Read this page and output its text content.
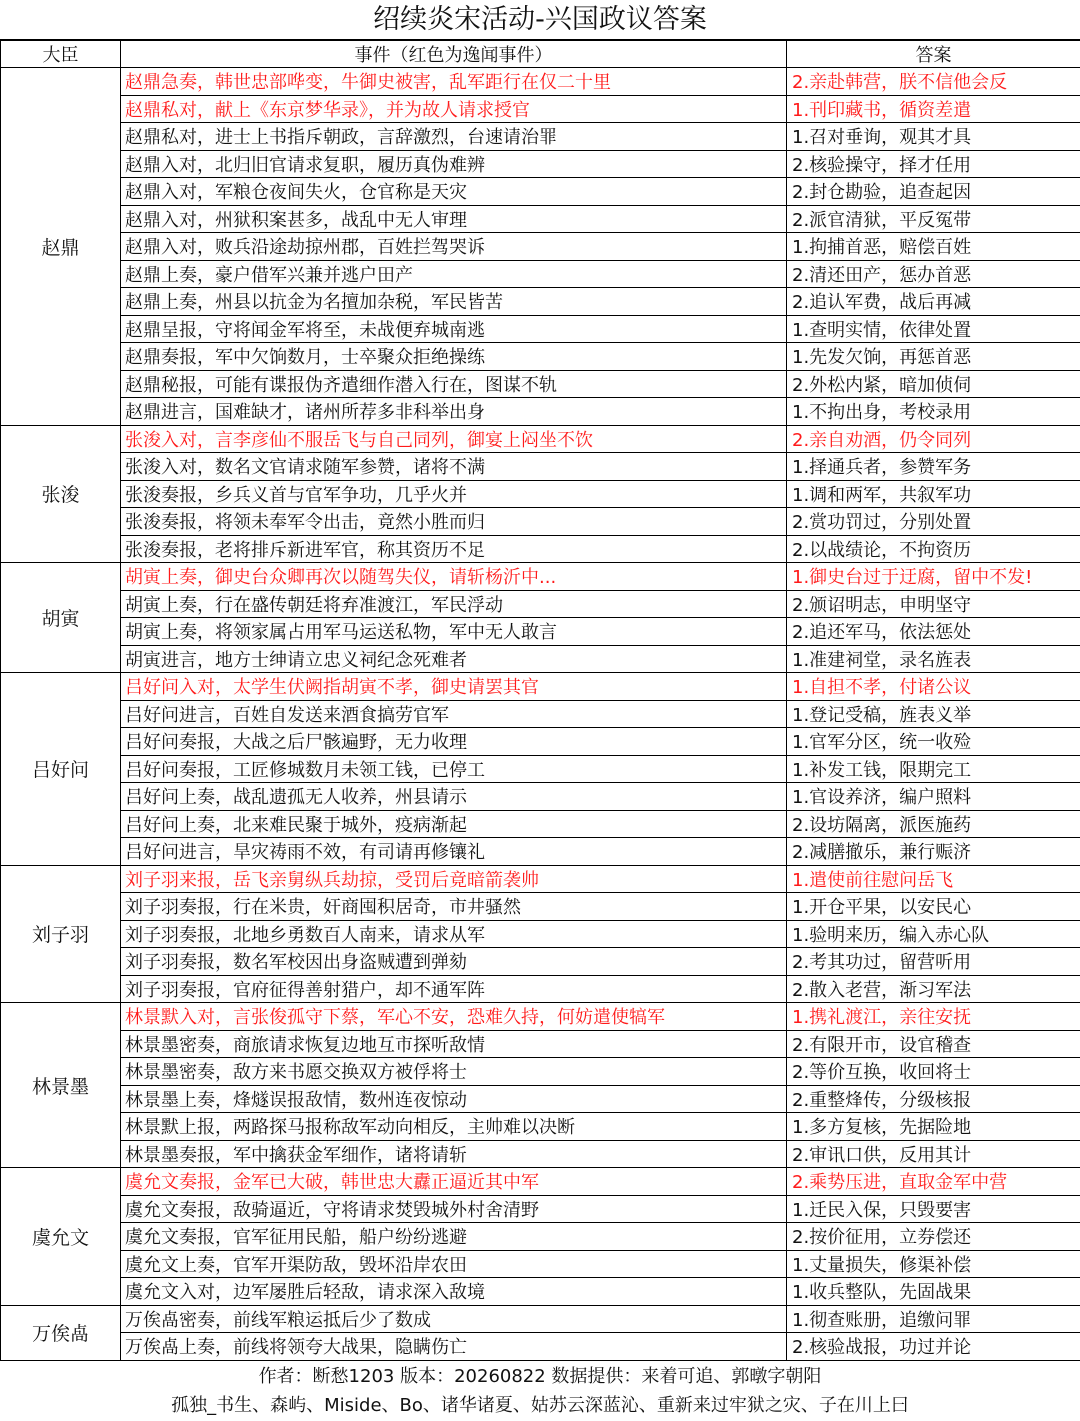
绍续炎宋活动-兴国政议答案
大臣	事件（红色为逸闻事件）	答案
赵鼎	赵鼎急奏，韩世忠部哗变，牛御史被害，乱军距行在仅二十里	2.亲赴韩营，朕不信他会反
	赵鼎私对，献上《东京梦华录》，并为故人请求授官	1.刊印藏书，循资差遣
	赵鼎私对，进士上书指斥朝政，言辞激烈，台速请治罪	1.召对垂询，观其才具
	赵鼎入对，北归旧官请求复职，履历真伪难辨	2.核验操守，择才任用
	赵鼎入对，军粮仓夜间失火，仓官称是天灾	2.封仓勘验，追查起因
	赵鼎入对，州狱积案甚多，战乱中无人审理	2.派官清狱，平反冤带
	赵鼎入对，败兵沿途劫掠州郡，百姓拦驾哭诉	1.拘捕首恶，赔偿百姓
	赵鼎上奏，豪户借军兴兼并逃户田产	2.清还田产，惩办首恶
	赵鼎上奏，州县以抗金为名擅加杂税，军民皆苦	2.追认军费，战后再减
	赵鼎呈报，守将闻金军将至，未战便弃城南逃	1.查明实情，依律处置
	赵鼎奏报，军中欠饷数月，士卒聚众拒绝操练	1.先发欠饷，再惩首恶
	赵鼎秘报，可能有谍报伪齐遣细作潜入行在，图谋不轨	2.外松内紧，暗加侦伺
	赵鼎进言，国难缺才，诸州所荐多非科举出身	1.不拘出身，考校录用
张浚	张浚入对，言李彦仙不服岳飞与自己同列，御宴上闷坐不饮	2.亲自劝酒，仍令同列
	张浚入对，数名文官请求随军参赞，诸将不满	1.择通兵者，参赞军务
	张浚奏报，乡兵义首与官军争功，几乎火并	1.调和两军，共叙军功
	张浚奏报，将领未奉军令出击，竟然小胜而归	2.赏功罚过，分别处置
	张浚奏报，老将排斥新进军官，称其资历不足	2.以战绩论，不拘资历
胡寅	胡寅上奏，御史台众卿再次以随驾失仪，请斩杨沂中...	1.御史台过于迂腐，留中不发!
	胡寅上奏，行在盛传朝廷将弃准渡江，军民浮动	2.颁诏明志，申明坚守
	胡寅上奏，将领家属占用军马运送私物，军中无人敢言	2.追还军马，依法惩处
	胡寅进言，地方士绅请立忠义祠纪念死难者	1.准建祠堂，录名旌表
吕好问	吕好问入对，太学生伏阙指胡寅不孝，御史请罢其官	1.自担不孝，付诸公议
	吕好问进言，百姓自发送来酒食搞劳官军	1.登记受稿，旌表义举
	吕好问奏报，大战之后尸骸遍野，无力收理	1.官军分区，统一收殓
	吕好问奏报，工匠修城数月未领工钱，已停工	1.补发工钱，限期完工
	吕好问上奏，战乱遗孤无人收养，州县请示	1.官设养济，编户照料
	吕好问上奏，北来难民聚于城外，疫病渐起	2.设坊隔离，派医施药
	吕好问进言，旱灾祷雨不效，有司请再修镶礼	2.减膳撤乐，兼行赈济
刘子羽	刘子羽来报，岳飞亲舅纵兵劫掠，受罚后竟暗箭袭帅	1.遣使前往慰问岳飞
	刘子羽奏报，行在米贵，奸商囤积居奇，市井骚然	1.开仓平果，以安民心
	刘子羽奏报，北地乡勇数百人南来，请求从军	1.验明来历，编入赤心队
	刘子羽奏报，数名军校因出身盗贼遭到弹劾	2.考其功过，留营听用
	刘子羽奏报，官府征得善射猎户，却不通军阵	2.散入老营，渐习军法
林景墨	林景默入对，言张俊孤守下蔡，军心不安，恐难久持，何妨遣使犒军	1.携礼渡江，亲往安抚
	林景墨密奏，商旅请求恢复边地互市探听敌情	2.有限开市，设官稽查
	林景墨密奏，敌方来书愿交换双方被俘将士	2.等价互换，收回将士
	林景墨上奏，烽燧误报敌情，数州连夜惊动	2.重整烽传，分级核报
	林景默上报，两路探马报称敌军动向相反，主帅难以决断	1.多方复核，先据险地
	林景墨奏报，军中擒获金军细作，诸将请斩	2.审讯口供，反用其计
虞允文	虞允文奏报，金军已大破，韩世忠大纛正逼近其中军	2.乘势压进，直取金军中营
	虞允文奏报，敌骑逼近，守将请求焚毁城外村舍清野	1.迁民入保，只毁要害
	虞允文奏报，官军征用民船，船户纷纷逃避	2.按价征用，立券偿还
	虞允文上奏，官军开渠防敌，毁坏沿岸农田	1.丈量损失，修渠补偿
	虞允文入对，边军屡胜后轻敌，请求深入敌境	1.收兵整队，先固战果
万俟卨	万俟卨密奏，前线军粮运抵后少了数成	1.彻查账册，追缴问罪
	万俟卨上奏，前线将领夸大战果，隐瞒伤亡	2.核验战报，功过并论
作者：断愁1203 版本：20260822 数据提供：来着可追、郭暾字朝阳
孤独_书生、森屿、Miside、Bo、诸华诸夏、姑苏云深蓝沁、重新来过牢狱之灾、子在川上曰
